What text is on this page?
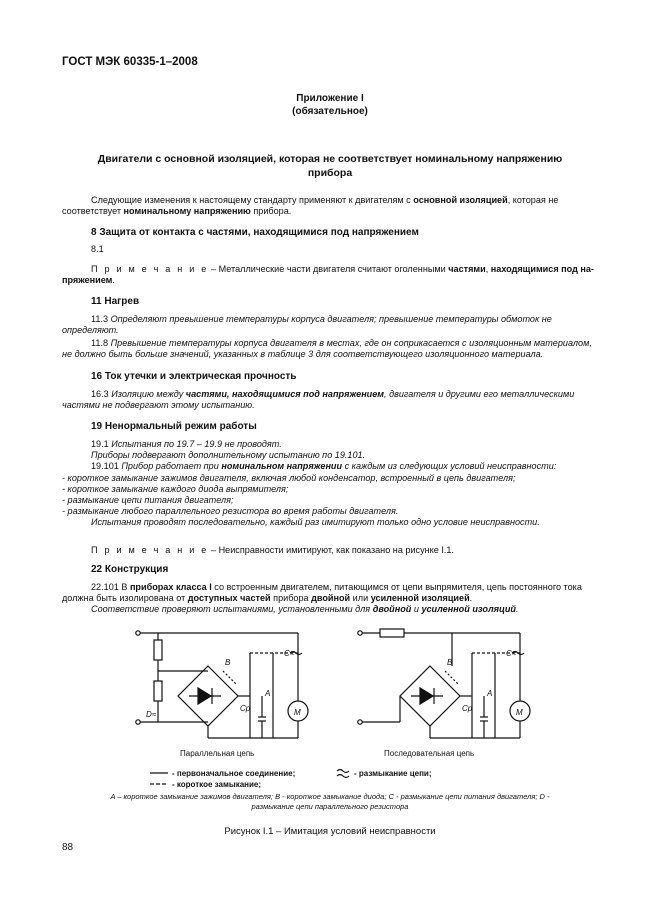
ГОСТ МЭК 60335-1–2008
Приложение I
(обязательное)
Двигатели с основной изоляцией, которая не соответствует номинальному напряжению
прибора

Следующие изменения к настоящему стандарту применяют к двигателям с основной изоляцией, которая не соответствует номинальному напряжению прибора.

8 Защита от контакта с частями, находящимися под напряжением

8.1

П р и м е ч а н и е – Металлические части двигателя считают оголенными частями, находящимися под на-пряжением.

11 Нагрев

11.3 Определяют превышение температуры корпуса двигателя; превышение температуры обмоток не определяют.

11.8 Превышение температуры корпуса двигателя в местах, где он соприкасается с изоляционным материалом, не должно быть больше значений, указанных в таблице 3 для соответствующего изоляционного материала.

16 Ток утечки и электрическая прочность

16.3 Изоляцию между частями, находящимися под напряжением, двигателя и другими его металлическими частями не подвергают этому испытанию.

19 Ненормальный режим работы

19.1 Испытания по 19.7 – 19.9 не проводят.

Приборы подвергают дополнительному испытанию по 19.101.

19.101 Прибор работает при номинальном напряжении с каждым из следующих условий неисправности:

- короткое замыкание зажимов двигателя, включая любой конденсатор, встроенный в цепь двигателя;

- короткое замыкание каждого диода выпрямителя;

- размыкание цепи питания двигателя;

- размыкание любого параллельного резистора во время работы двигателя.

Испытания проводят последовательно, каждый раз имитируют только одно условие неисправности.

П р и м е ч а н и е – Неисправности имитируют, как показано на рисунке I.1.

22 Конструкция

22.101 В приборах класса I со встроенным двигателем, питающимся от цепи выпрямителя, цепь постоянного тока должна быть изолирована от доступных частей прибора двойной или усиленной изоляцией.

Соответствие проверяют испытаниями, установленными для двойной и усиленной изоляций.

B
C≈
D≈
A
Cp	M
B
C≈
A
Cp	M
Параллельная цепь	Последовательная цепь
- первоначальное соединение;
- короткое замыкание;
- размыкание цепи;
A – короткое замыкание зажимов двигателя; B - короткое замыкание диода; C - размыкание цепи питания двигателя; D -
размыкание цепи параллельного резистора
Рисунок I.1 – Имитация условий неисправности
88
